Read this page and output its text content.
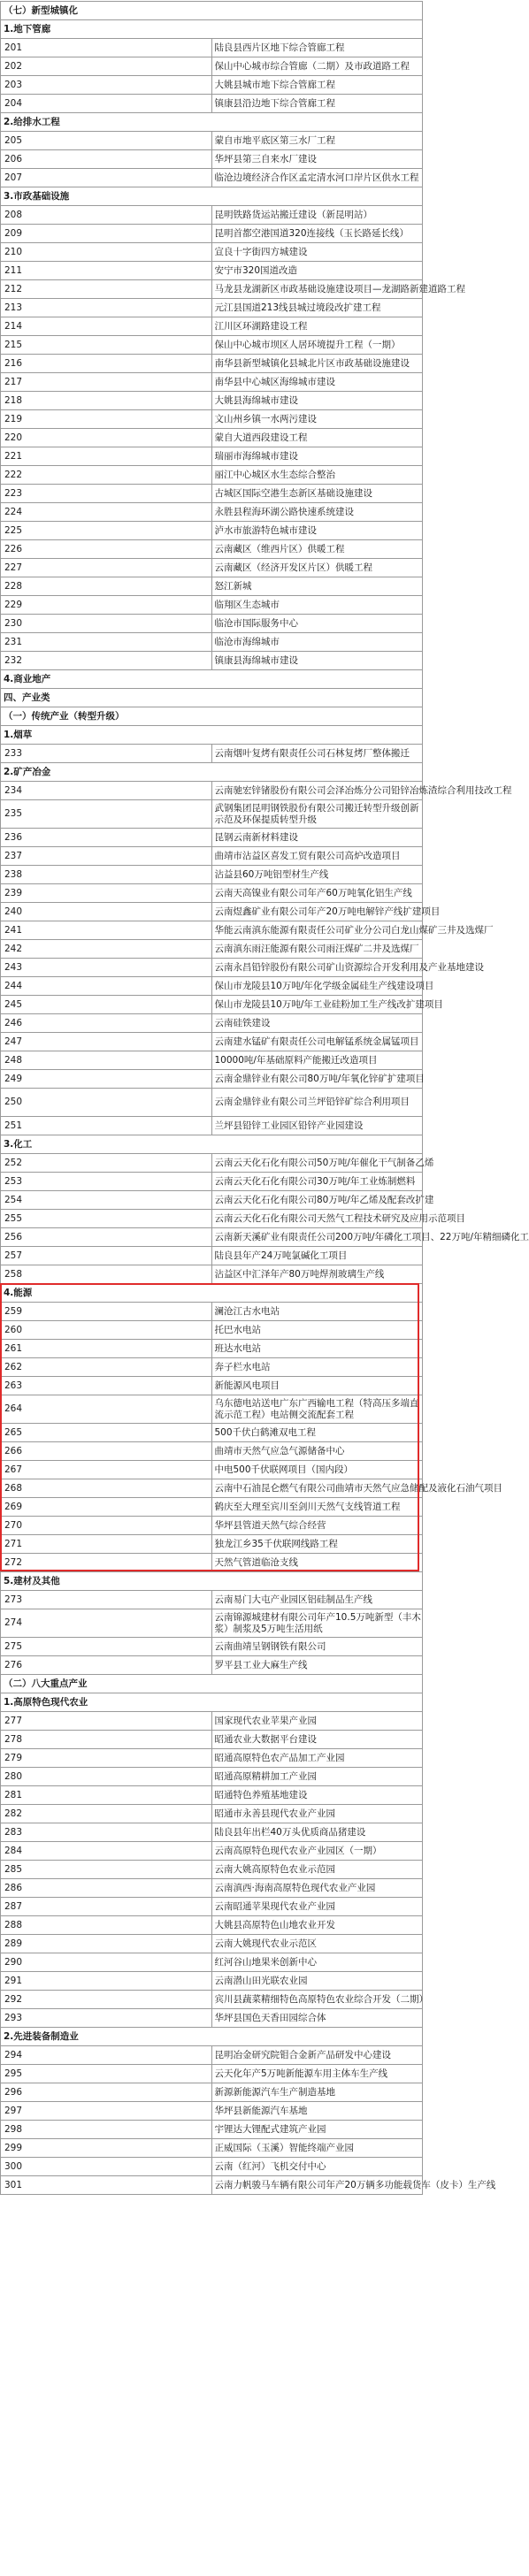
（七）新型城镇化	
1.地下管廊	
201	陆良县西片区地下综合管廊工程
202	保山中心城市综合管廊（二期）及市政道路工程
203	大姚县城市地下综合管廊工程
204	镇康县沿边地下综合管廊工程
2.给排水工程	
205	蒙自市地平底区第三水厂工程
206	华坪县第三自来水厂建设
207	临沧边境经济合作区孟定清水河口岸片区供水工程
3.市政基础设施	
208	昆明铁路货运站搬迁建设（新昆明站）
209	昆明首都空港国道320连接线（玉长路延长线）
210	宣良十字街四方城建设
211	安宁市320国道改造
212	马龙县龙湖新区市政基础设施建设项目—龙湖路新建道路工程
213	元江县国道213线县城过境段改扩建工程
214	江川区环湖路建设工程
215	保山中心城市坝区人居环境提升工程（一期）
216	南华县新型城镇化县城北片区市政基础设施建设
217	南华县中心城区海绵城市建设
218	大姚县海绵城市建设
219	文山州乡镇一水两污建设
220	蒙自大道西段建设工程
221	瑞丽市海绵城市建设
222	丽江中心城区水生态综合整治
223	古城区国际空港生态新区基础设施建设
224	永胜县程海环湖公路快速系统建设
225	泸水市旅游特色城市建设
226	云南藏区（维西片区）供暖工程
227	云南藏区（经济开发区片区）供暖工程
228	怒江新城
229	临翔区生态城市
230	临沧市国际服务中心
231	临沧市海绵城市
232	镇康县海绵城市建设
4.商业地产	
四、产业类	
（一）传统产业（转型升级）	
1.烟草	
233	云南烟叶复烤有限责任公司石林复烤厂整体搬迁
2.矿产冶金	
234	云南驰宏锌锗股份有限公司会泽冶炼分公司铅锌冶炼渣综合利用技改工程
235	武钢集团昆明钢铁股份有限公司搬迁转型升级创新示范及环保提质转型升级
236	昆钢云南新材料建设
237	曲靖市沾益区喜发工贸有限公司高炉改造项目
238	沾益县60万吨铝型材生产线
239	云南天高镍业有限公司年产60万吨氧化铝生产线
240	云南煜鑫矿业有限公司年产20万吨电解锌产线扩建项目
241	华能云南滇东能源有限责任公司矿业分公司白龙山煤矿三井及选煤厂
242	云南滇东雨汪能源有限公司雨汪煤矿二井及选煤厂
243	云南永昌铅锌股份有限公司矿山资源综合开发利用及产业基地建设
244	保山市龙陵县10万吨/年化学级金属硅生产线建设项目
245	保山市龙陵县10万吨/年工业硅粉加工生产线改扩建项目
246	云南硅铁建设
247	云南建水锰矿有限责任公司电解锰系统金属锰项目
248	10000吨/年基础原料产能搬迁改造项目
249	云南金鼎锌业有限公司80万吨/年氧化锌矿扩建项目
250	云南金鼎锌业有限公司兰坪铅锌矿综合利用项目
251	兰坪县铅锌工业园区铅锌产业园建设
3.化工	
252	云南云天化石化有限公司50万吨/年催化干气制备乙烯
253	云南云天化石化有限公司30万吨/年工业炼制燃料
254	云南云天化石化有限公司80万吨/年乙烯及配套改扩建
255	云南云天化石化有限公司天然气工程技术研究及应用示范项目
256	云南新天溪矿业有限责任公司200万吨/年磷化工项目、22万吨/年精细磷化工
257	陆良县年产24万吨氯碱化工项目
258	沾益区中汇泽年产80万吨焊剂玻璃生产线
4.能源	
259	澜沧江古水电站
260	托巴水电站
261	班达水电站
262	奔子栏水电站
263	新能源风电项目
264	乌东德电站送电广东广西输电工程（特高压多端直流示范工程）电站侧交流配套工程
265	500千伏白鹤滩双电工程
266	曲靖市天然气应急气源储备中心
267	中电500千伏联网项目（国内段）
268	云南中石油昆仑燃气有限公司曲靖市天然气应急储配及液化石油气项目
269	鹤庆至大理至宾川至剑川天然气支线管道工程
270	华坪县管道天然气综合经营
271	独龙江乡35千伏联网线路工程
272	天然气管道临沧支线
5.建材及其他	
273	云南易门大屯产业园区铝硅制品生产线
274	云南锦源城建材有限公司年产10.5万吨新型（丰木浆）制浆及5万吨生活用纸
275	云南曲靖呈钢钢铁有限公司
276	罗平县工业大麻生产线
（二）八大重点产业	
1.高原特色现代农业	
277	国家现代农业苹果产业园
278	昭通农业大数据平台建设
279	昭通高原特色农产品加工产业园
280	昭通高原精耕加工产业园
281	昭通特色养殖基地建设
282	昭通市永善县现代农业产业园
283	陆良县年出栏40万头优质商品猪建设
284	云南高原特色现代农业产业园区（一期）
285	云南大姚高原特色农业示范园
286	云南滇西·海南高原特色现代农业产业园
287	云南昭通苹果现代农业产业园
288	大姚县高原特色山地农业开发
289	云南大姚现代农业示范区
290	红河谷山地果米创新中心
291	云南潜山田光联农业园
292	宾川县蔬菜精细特色高原特色农业综合开发（二期）
293	华坪县国色天香田园综合体
2.先进装备制造业	
294	昆明冶金研究院钼合金新产品研发中心建设
295	云天化年产5万吨新能源车用主体车生产线
296	新源新能源汽车生产制造基地
297	华坪县新能源汽车基地
298	宇锂达大锂配式建筑产业园
299	正威国际（玉溪）智能终端产业园
300	云南（红河）飞机交付中心
301	云南力帆骏马车辆有限公司年产20万辆多功能载货车（皮卡）生产线
